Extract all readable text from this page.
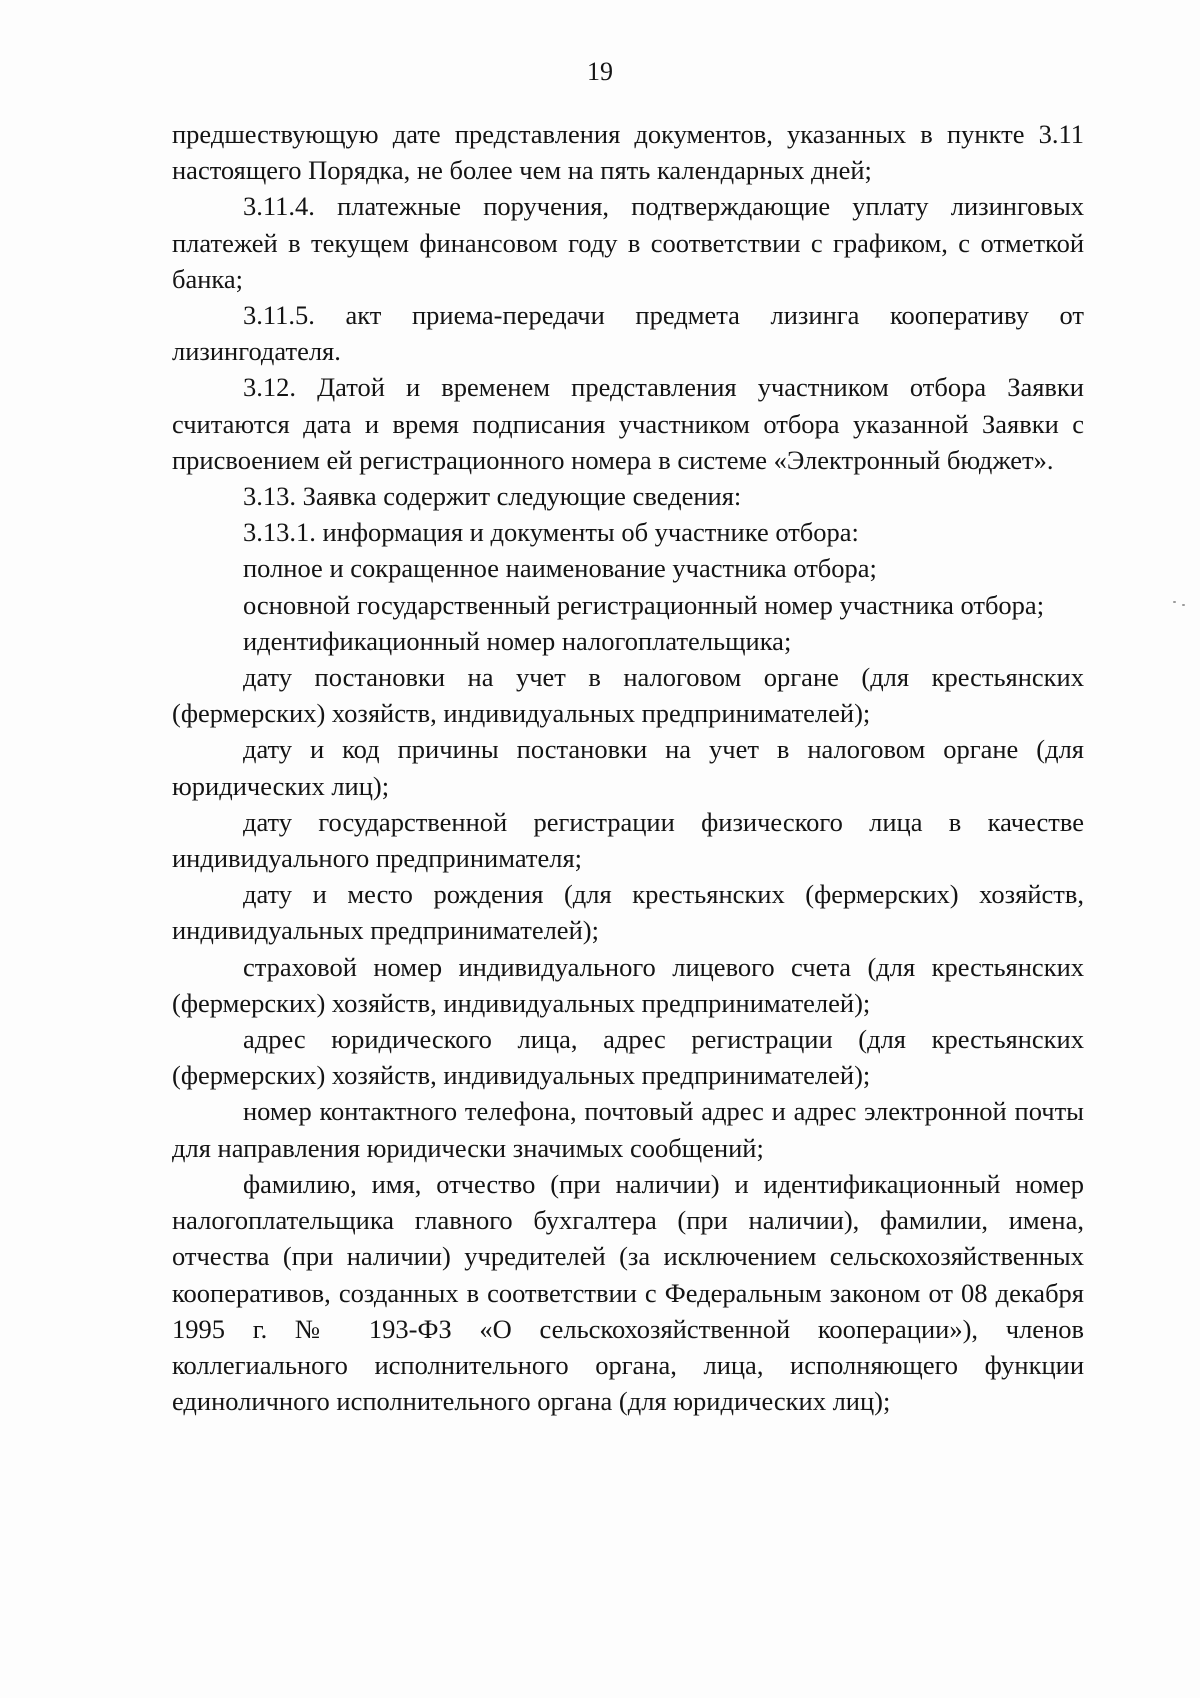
19

предшествующую дате представления документов, указанных в пункте 3.11 настоящего Порядка, не более чем на пять календарных дней;

3.11.4. платежные поручения, подтверждающие уплату лизинговых платежей в текущем финансовом году в соответствии с графиком, с отметкой банка;

3.11.5. акт приема-передачи предмета лизинга кооперативу от лизингодателя.

3.12. Датой и временем представления участником отбора Заявки считаются дата и время подписания участником отбора указанной Заявки с присвоением ей регистрационного номера в системе «Электронный бюджет».

3.13. Заявка содержит следующие сведения:

3.13.1. информация и документы об участнике отбора:

полное и сокращенное наименование участника отбора;

основной государственный регистрационный номер участника отбора;

идентификационный номер налогоплательщика;

дату постановки на учет в налоговом органе (для крестьянских (фермерских) хозяйств, индивидуальных предпринимателей);

дату и код причины постановки на учет в налоговом органе (для юридических лиц);

дату государственной регистрации физического лица в качестве индивидуального предпринимателя;

дату и место рождения (для крестьянских (фермерских) хозяйств, индивидуальных предпринимателей);

страховой номер индивидуального лицевого счета (для крестьянских (фермерских) хозяйств, индивидуальных предпринимателей);

адрес юридического лица, адрес регистрации (для крестьянских (фермерских) хозяйств, индивидуальных предпринимателей);

номер контактного телефона, почтовый адрес и адрес электронной почты для направления юридически значимых сообщений;

фамилию, имя, отчество (при наличии) и идентификационный номер налогоплательщика главного бухгалтера (при наличии), фамилии, имена, отчества (при наличии) учредителей (за исключением сельскохозяйственных кооперативов, созданных в соответствии с Федеральным законом от 08 декабря 1995 г. № 193-ФЗ «О сельскохозяйственной кооперации»), членов коллегиального исполнительного органа, лица, исполняющего функции единоличного исполнительного органа (для юридических лиц);
